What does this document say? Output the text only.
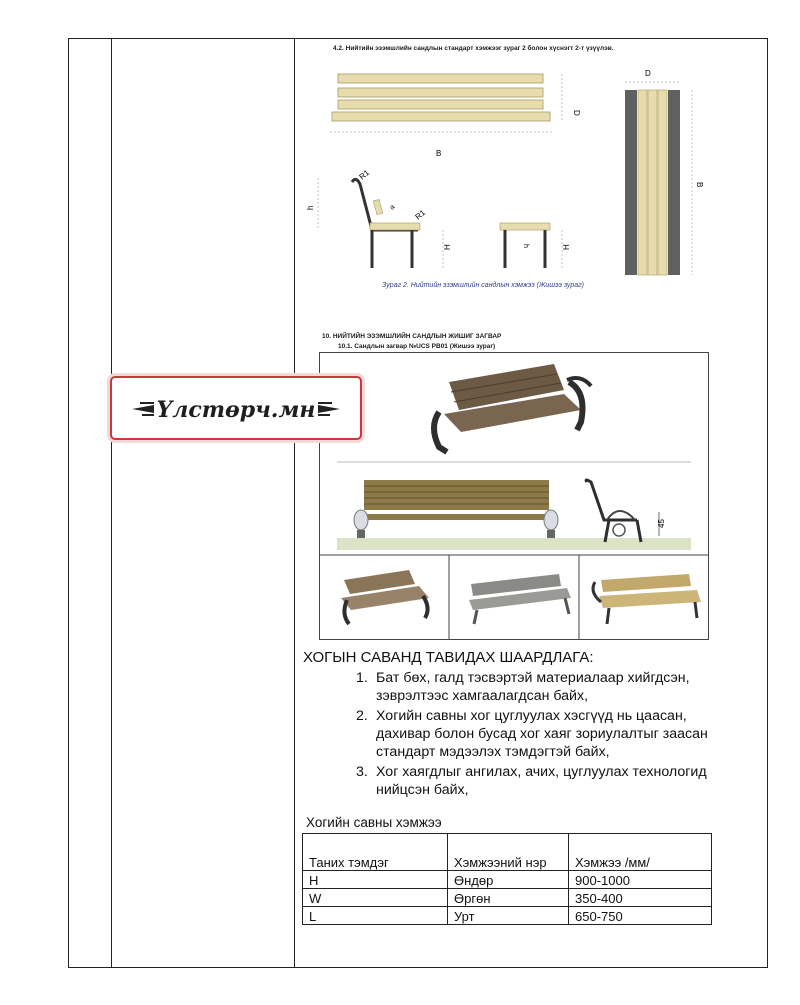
4.2. Нийтийн эзэмшлийн сандлын стандарт хэмжээг зураг 2 болон хүснэгт 2-т үзүүлэв.
D
D
B
B
R1
R1
h
H	H
a
h
Зураг 2. Нийтийн эзэмшлийн сандлын хэмжээ (Жишээ зураг)
10. НИЙТИЙН ЭЗЭМШЛИЙН САНДЛЫН ЖИШИГ ЗАГВАР
10.1. Сандлын загвар №UCS PB01 (Жишээ зураг)
45
Үлстөрч.мн
ХОГЫН САВАНД ТАВИДАХ ШААРДЛАГА:
1. Бат бөх, галд тэсвэртэй материалаар хийгдсэн, зэврэлтээс хамгаалагдсан байх,
2. Хогийн савны хог цуглуулах хэсгүүд нь цаасан, дахивар болон бусад хог хаяг зориулалтыг заасан стандарт мэдээлэх тэмдэгтэй байх,
3. Хог хаягдлыг ангилах, ачих, цуглуулах технологид нийцсэн байх,
Хогийн савны хэмжээ
Таних тэмдэг	Хэмжээний нэр	Хэмжээ /мм/
H	Өндөр	900-1000
W	Өргөн	350-400
L	Урт	650-750
